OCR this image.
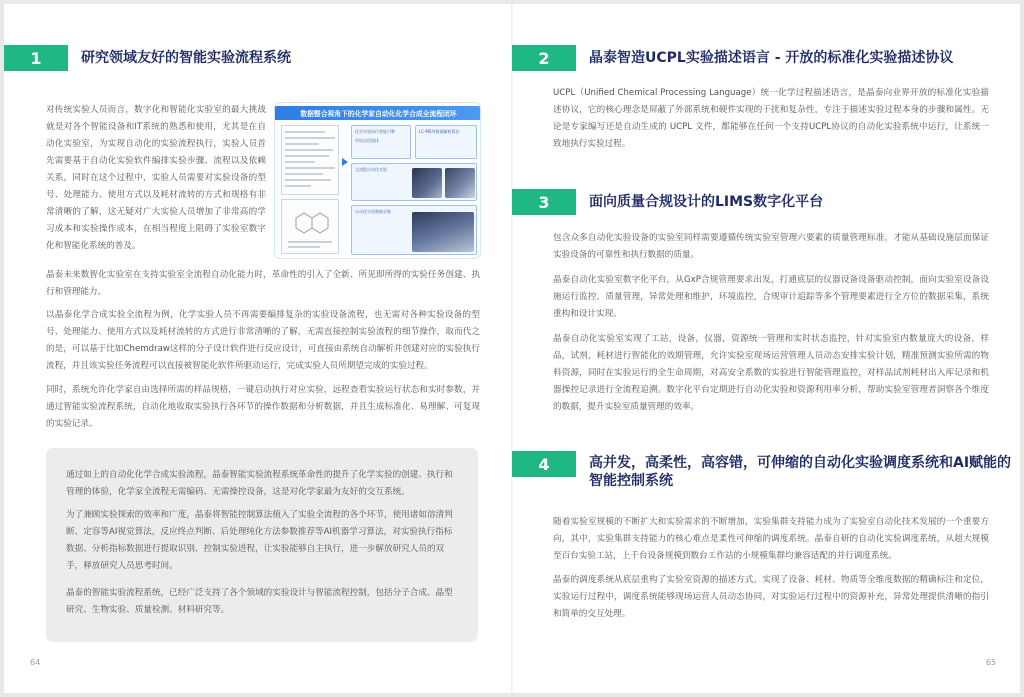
1	研究领域友好的智能实验流程系统
对传统实验人员而言，数字化和智能化实验室的最大挑战就是对各个智能设备和IT系统的熟悉和使用，尤其是在自动化实验室，为实现自动化的实验流程执行，实验人员首先需要基于自动化实验软件编排实验步骤、流程以及依赖关系，同时在这个过程中，实验人员需要对实验设备的型号、处理能力、使用方式以及耗材流转的方式和规格有非常清晰的了解，这无疑对广大实验人员增加了非常高的学习成本和实验操作成本，在相当程度上阻碍了实验室数字化和智能化系统的普及。
数据整合视角下的化学家自动化化学合成全流程闭环
化学实验执行智能引擎
智能流程编排
LC-MS等数据解析算法
全流程自动化实验
自动化实验数据采集
晶泰未来数智化实验室在支持实验室全流程自动化能力时，革命性的引入了全新、所见即所得的实验任务创建、执行和管理能力。
以晶泰化学合成实验全流程为例，化学实验人员不再需要编排复杂的实验设备流程，也无需对各种实验设备的型号、处理能力、使用方式以及耗材流转的方式进行非常清晰的了解，无需直接控制实验流程的细节操作，取而代之的是，可以基于比如Chemdraw这样的分子设计软件进行反应设计，可直接由系统自动解析并创建对应的实验执行流程，并且该实验任务流程可以直接被智能化软件所驱动运行，完成实验人员所期望完成的实验过程。
同时，系统允许化学家自由选择所需的样品规格，一键启动执行对应实验，远程查看实验运行状态和实时参数，并通过智能实验流程系统，自动化地收取实验执行各环节的操作数据和分析数据，并且生成标准化、易理解、可复现的实验记录。
通过如上的自动化化学合成实验流程，晶泰智能实验流程系统革命性的提升了化学实验的创建、执行和管理的体验，化学家全流程无需编码、无需操控设备，这是对化学家最为友好的交互系统。
为了兼顾实验探索的效率和广度，晶泰将智能控制算法植入了实验全流程的各个环节，使用诸如溶清判断、定容等AI视觉算法，反应终点判断、后处理纯化方法参数推荐等AI机器学习算法，对实验执行指标数据、分析指标数据进行提取识别、控制实验进程，让实验能够自主执行，进一步解放研究人员的双手，释放研究人员思考时间。
晶泰的智能实验流程系统，已经广泛支持了各个领域的实验设计与智能流程控制，包括分子合成、晶型研究、生物实验、质量检测、材料研究等。
64
2	晶泰智造UCPL实验描述语言 - 开放的标准化实验描述协议
UCPL（Unified Chemical Processing Language）统一化学过程描述语言，是晶泰向业界开放的标准化实验描述协议，它的核心理念是屏蔽了外部系统和硬件实现的干扰和复杂性，专注于描述实验过程本身的步骤和属性。无论是专家编写还是自动生成的 UCPL 文件，都能够在任何一个支持UCPL协议的自动化实验系统中运行，让系统一致地执行实验过程。
3	面向质量合规设计的LIMS数字化平台
包含众多自动化实验设备的实验室同样需要遵循传统实验室管理六要素的质量管理标准，才能从基础设施层面保证实验设备的可靠性和执行数据的质量。
晶泰自动化实验室数字化平台，从GxP合规管理要求出发，打通底层的仪器设备设备驱动控制，面向实验室设备设施运行监控，质量管理，异常处理和维护，环境监控，合规审计追踪等多个管理要素进行全方位的数据采集，系统重构和设计实现。
晶泰自动化实验室实现了工站，设备，仪器，资源统一管理和实时状态监控，针对实验室内数量庞大的设备，样品，试剂，耗材进行智能化的效期管理，允许实验室现场运营管理人员动态安排实验计划，精准预测实验所需的物料资源，同时在实验运行的全生命周期，对高安全系数的实验进行智能管理监控，对样品试剂耗材出入库记录和机器操控记录进行全流程追溯。数字化平台定期进行自动化实验和资源利用率分析，帮助实验室管理者洞察各个维度的数据，提升实验室质量管理的效率。
4	高并发，高柔性，高容错，可伸缩的自动化实验调度系统和AI赋能的
智能控制系统
随着实验室规模的不断扩大和实验需求的不断增加，实验集群支持能力成为了实验室自动化技术发展的一个重要方向，其中，实验集群支持能力的核心难点是柔性可伸缩的调度系统。晶泰自研的自动化实验调度系统，从超大规模至百台实验工站，上千台设备规模到数台工作站的小规模集群均兼容适配的并行调度系统。
晶泰的调度系统从底层重构了实验室资源的描述方式，实现了设备、耗材、物质等全维度数据的精确标注和定位，实验运行过程中，调度系统能够现场运营人员动态协同，对实验运行过程中的资源补充，异常处理提供清晰的指引和简单的交互处理。
65
